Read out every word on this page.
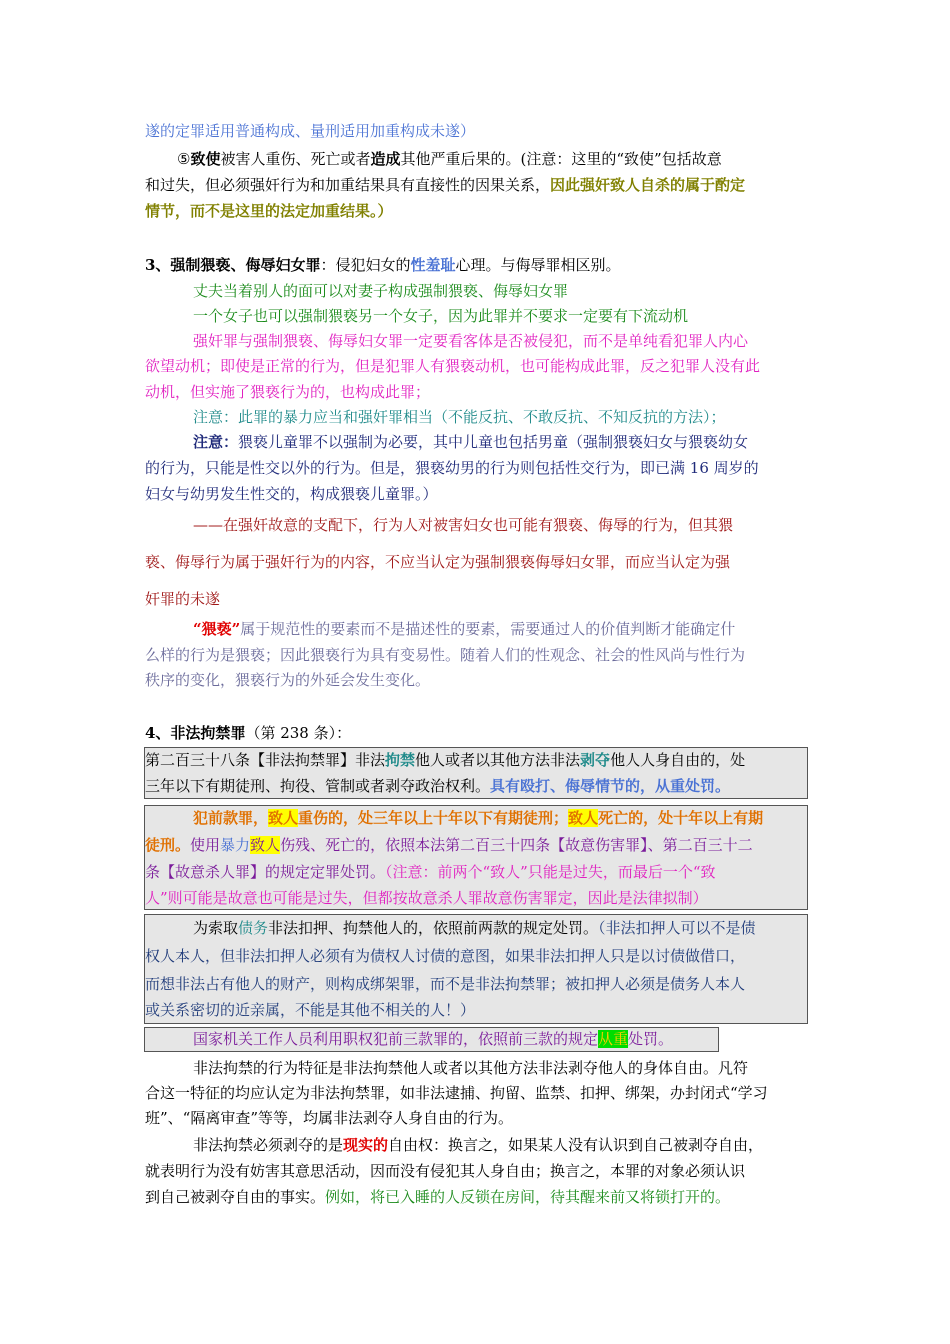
遂的定罪适用普通构成、量刑适用加重构成未遂）
⑤致使被害人重伤、死亡或者造成其他严重后果的。(注意：这里的“致使”包括故意
和过失，但必须强奸行为和加重结果具有直接性的因果关系，因此强奸致人自杀的属于酌定
情节，而不是这里的法定加重结果。）
3、强制猥亵、侮辱妇女罪：侵犯妇女的性羞耻心理。与侮辱罪相区别。
丈夫当着别人的面可以对妻子构成强制猥亵、侮辱妇女罪
一个女子也可以强制猥亵另一个女子，因为此罪并不要求一定要有下流动机
强奸罪与强制猥亵、侮辱妇女罪一定要看客体是否被侵犯，而不是单纯看犯罪人内心
欲望动机；即使是正常的行为，但是犯罪人有猥亵动机，也可能构成此罪，反之犯罪人没有此
动机，但实施了猥亵行为的，也构成此罪；
注意：此罪的暴力应当和强奸罪相当（不能反抗、不敢反抗、不知反抗的方法）；
注意：猥亵儿童罪不以强制为必要，其中儿童也包括男童（强制猥亵妇女与猥亵幼女
的行为，只能是性交以外的行为。但是，猥亵幼男的行为则包括性交行为，即已满 16 周岁的
妇女与幼男发生性交的，构成猥亵儿童罪。）
——在强奸故意的支配下，行为人对被害妇女也可能有猥亵、侮辱的行为，但其猥
亵、侮辱行为属于强奸行为的内容，不应当认定为强制猥亵侮辱妇女罪，而应当认定为强
奸罪的未遂
“猥亵”属于规范性的要素而不是描述性的要素，需要通过人的价值判断才能确定什
么样的行为是猥亵；因此猥亵行为具有变易性。随着人们的性观念、社会的性风尚与性行为
秩序的变化，猥亵行为的外延会发生变化。
4、非法拘禁罪（第 238 条）：
第二百三十八条【非法拘禁罪】非法拘禁他人或者以其他方法非法剥夺他人人身自由的，处
三年以下有期徒刑、拘役、管制或者剥夺政治权利。具有殴打、侮辱情节的，从重处罚。
犯前款罪，致人重伤的，处三年以上十年以下有期徒刑；致人死亡的，处十年以上有期
徒刑。使用暴力致人伤残、死亡的，依照本法第二百三十四条【故意伤害罪】、第二百三十二
条【故意杀人罪】的规定定罪处罚。（注意：前两个“致人”只能是过失，而最后一个“致
人”则可能是故意也可能是过失，但都按故意杀人罪故意伤害罪定，因此是法律拟制）
为索取债务非法扣押、拘禁他人的，依照前两款的规定处罚。（非法扣押人可以不是债
权人本人，但非法扣押人必须有为债权人讨债的意图，如果非法扣押人只是以讨债做借口，
而想非法占有他人的财产，则构成绑架罪，而不是非法拘禁罪；被扣押人必须是债务人本人
或关系密切的近亲属，不能是其他不相关的人！）
国家机关工作人员利用职权犯前三款罪的，依照前三款的规定从重处罚。
非法拘禁的行为特征是非法拘禁他人或者以其他方法非法剥夺他人的身体自由。凡符
合这一特征的均应认定为非法拘禁罪，如非法逮捕、拘留、监禁、扣押、绑架，办封闭式“学习
班”、“隔离审查”等等，均属非法剥夺人身自由的行为。
非法拘禁必须剥夺的是现实的自由权：换言之，如果某人没有认识到自己被剥夺自由，
就表明行为没有妨害其意思活动，因而没有侵犯其人身自由；换言之，本罪的对象必须认识
到自己被剥夺自由的事实。例如，将已入睡的人反锁在房间，待其醒来前又将锁打开的。
